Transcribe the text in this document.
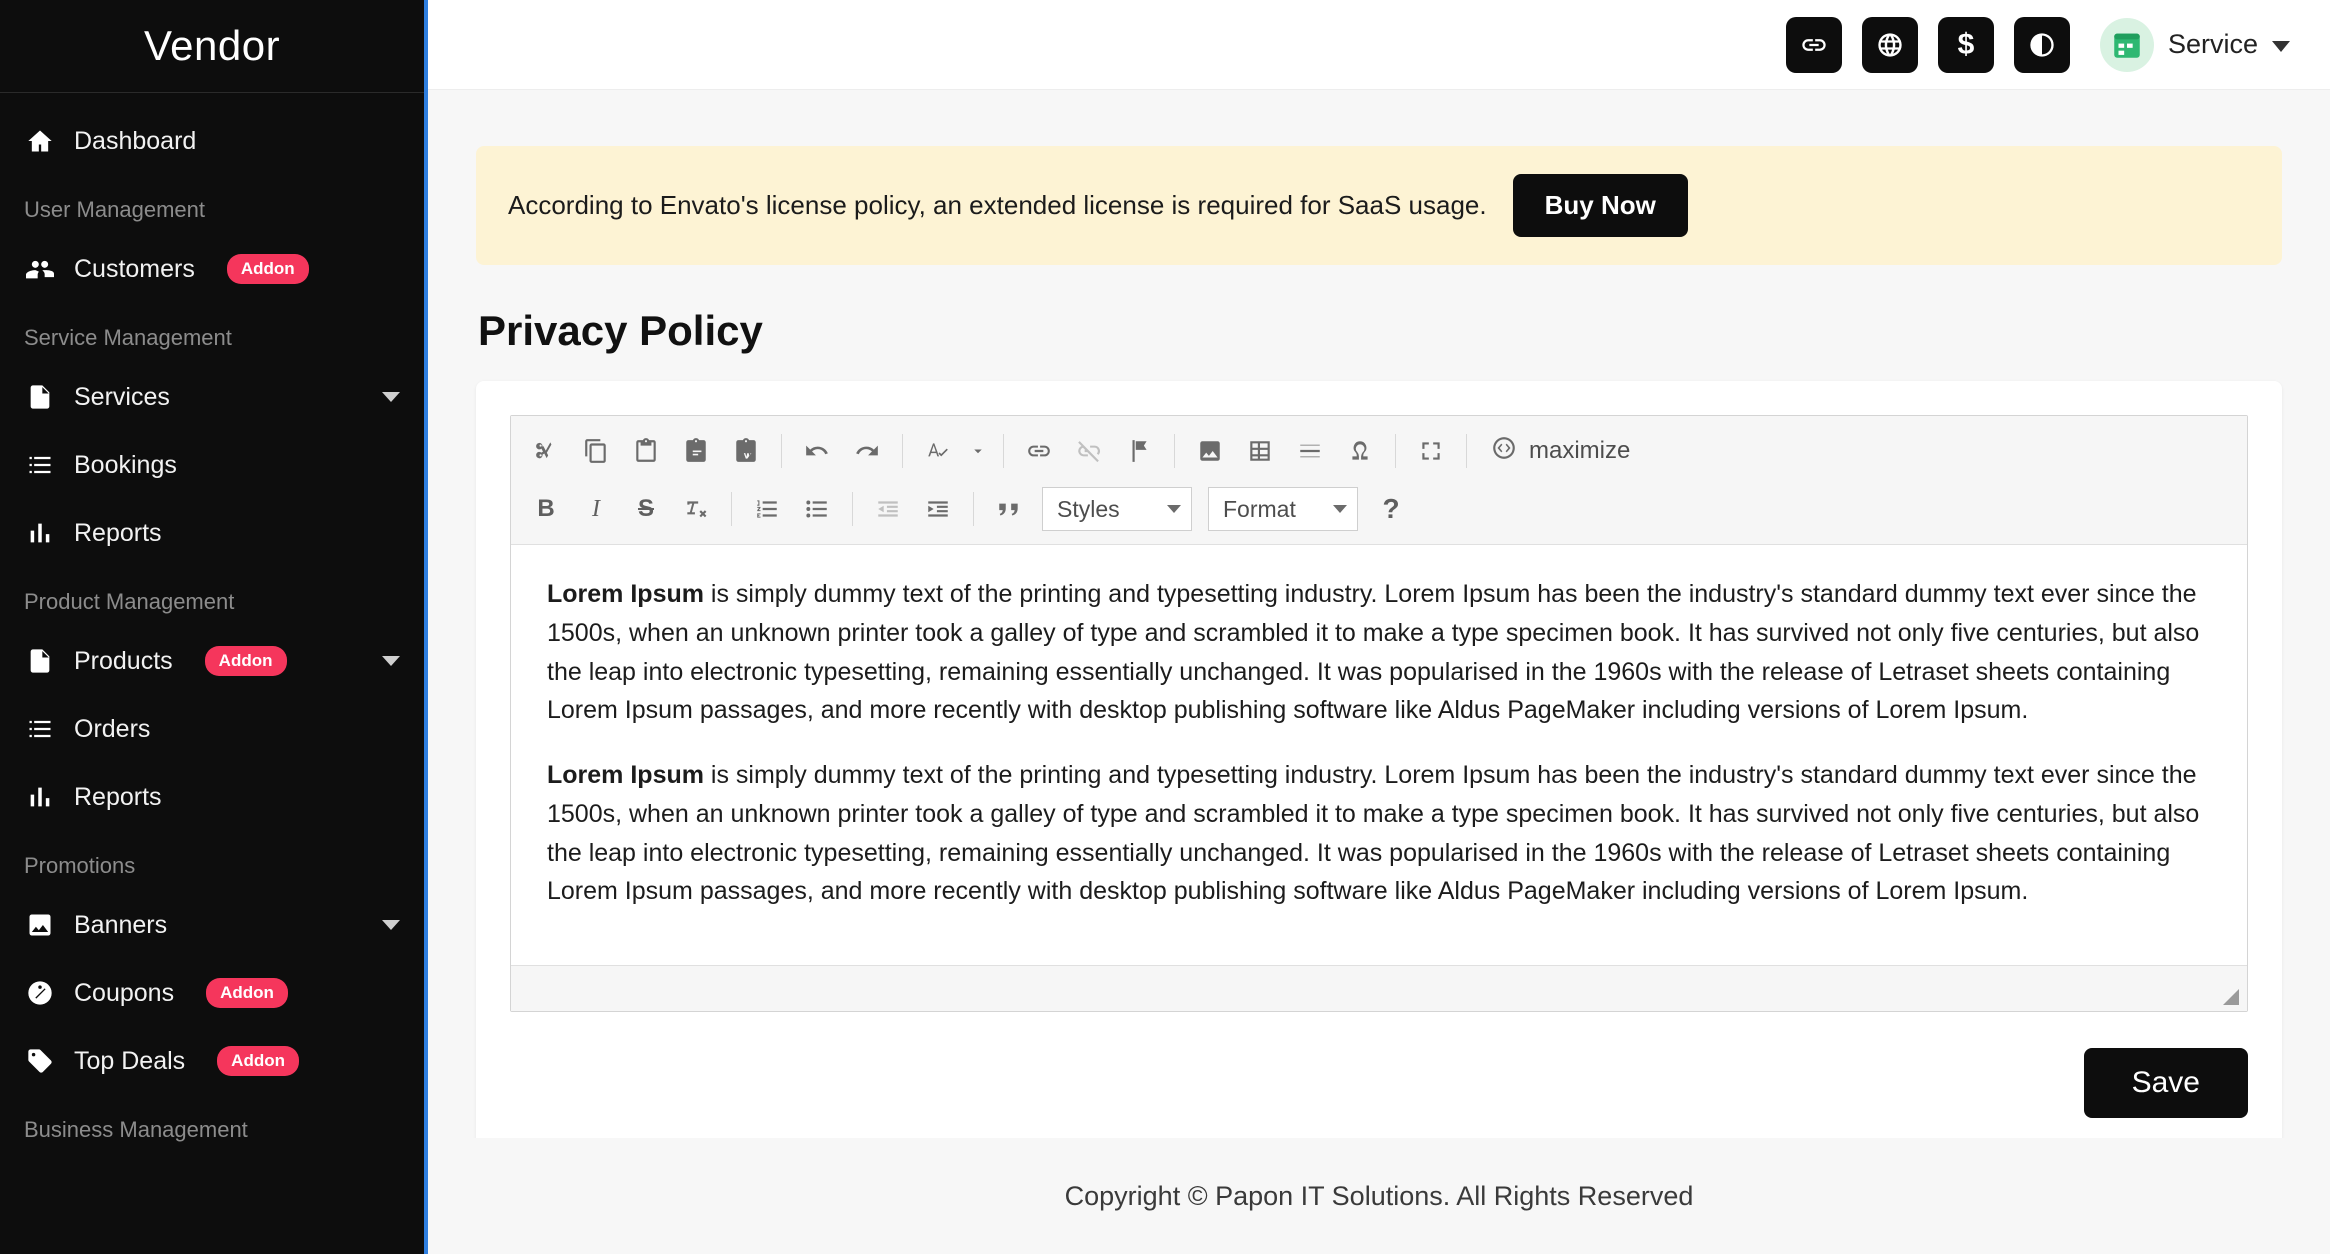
Vendor
Dashboard
User Management
Customers	Addon
Service Management
Services
Bookings
Reports
Product Management
Products	Addon
Orders
Reports
Promotions
Banners
Coupons	Addon
Top Deals	Addon
Business Management
$	Service
According to Envato's license policy, an extended license is required for SaaS usage.	Buy Now
Privacy Policy
maximize
B	I	S	Styles	Format	?

Lorem Ipsum is simply dummy text of the printing and typesetting industry. Lorem Ipsum has been the industry's standard dummy text ever since the 1500s, when an unknown printer took a galley of type and scrambled it to make a type specimen book. It has survived not only five centuries, but also the leap into electronic typesetting, remaining essentially unchanged. It was popularised in the 1960s with the release of Letraset sheets containing Lorem Ipsum passages, and more recently with desktop publishing software like Aldus PageMaker including versions of Lorem Ipsum.

Lorem Ipsum is simply dummy text of the printing and typesetting industry. Lorem Ipsum has been the industry's standard dummy text ever since the 1500s, when an unknown printer took a galley of type and scrambled it to make a type specimen book. It has survived not only five centuries, but also the leap into electronic typesetting, remaining essentially unchanged. It was popularised in the 1960s with the release of Letraset sheets containing Lorem Ipsum passages, and more recently with desktop publishing software like Aldus PageMaker including versions of Lorem Ipsum.

Save
Copyright © Papon IT Solutions. All Rights Reserved
